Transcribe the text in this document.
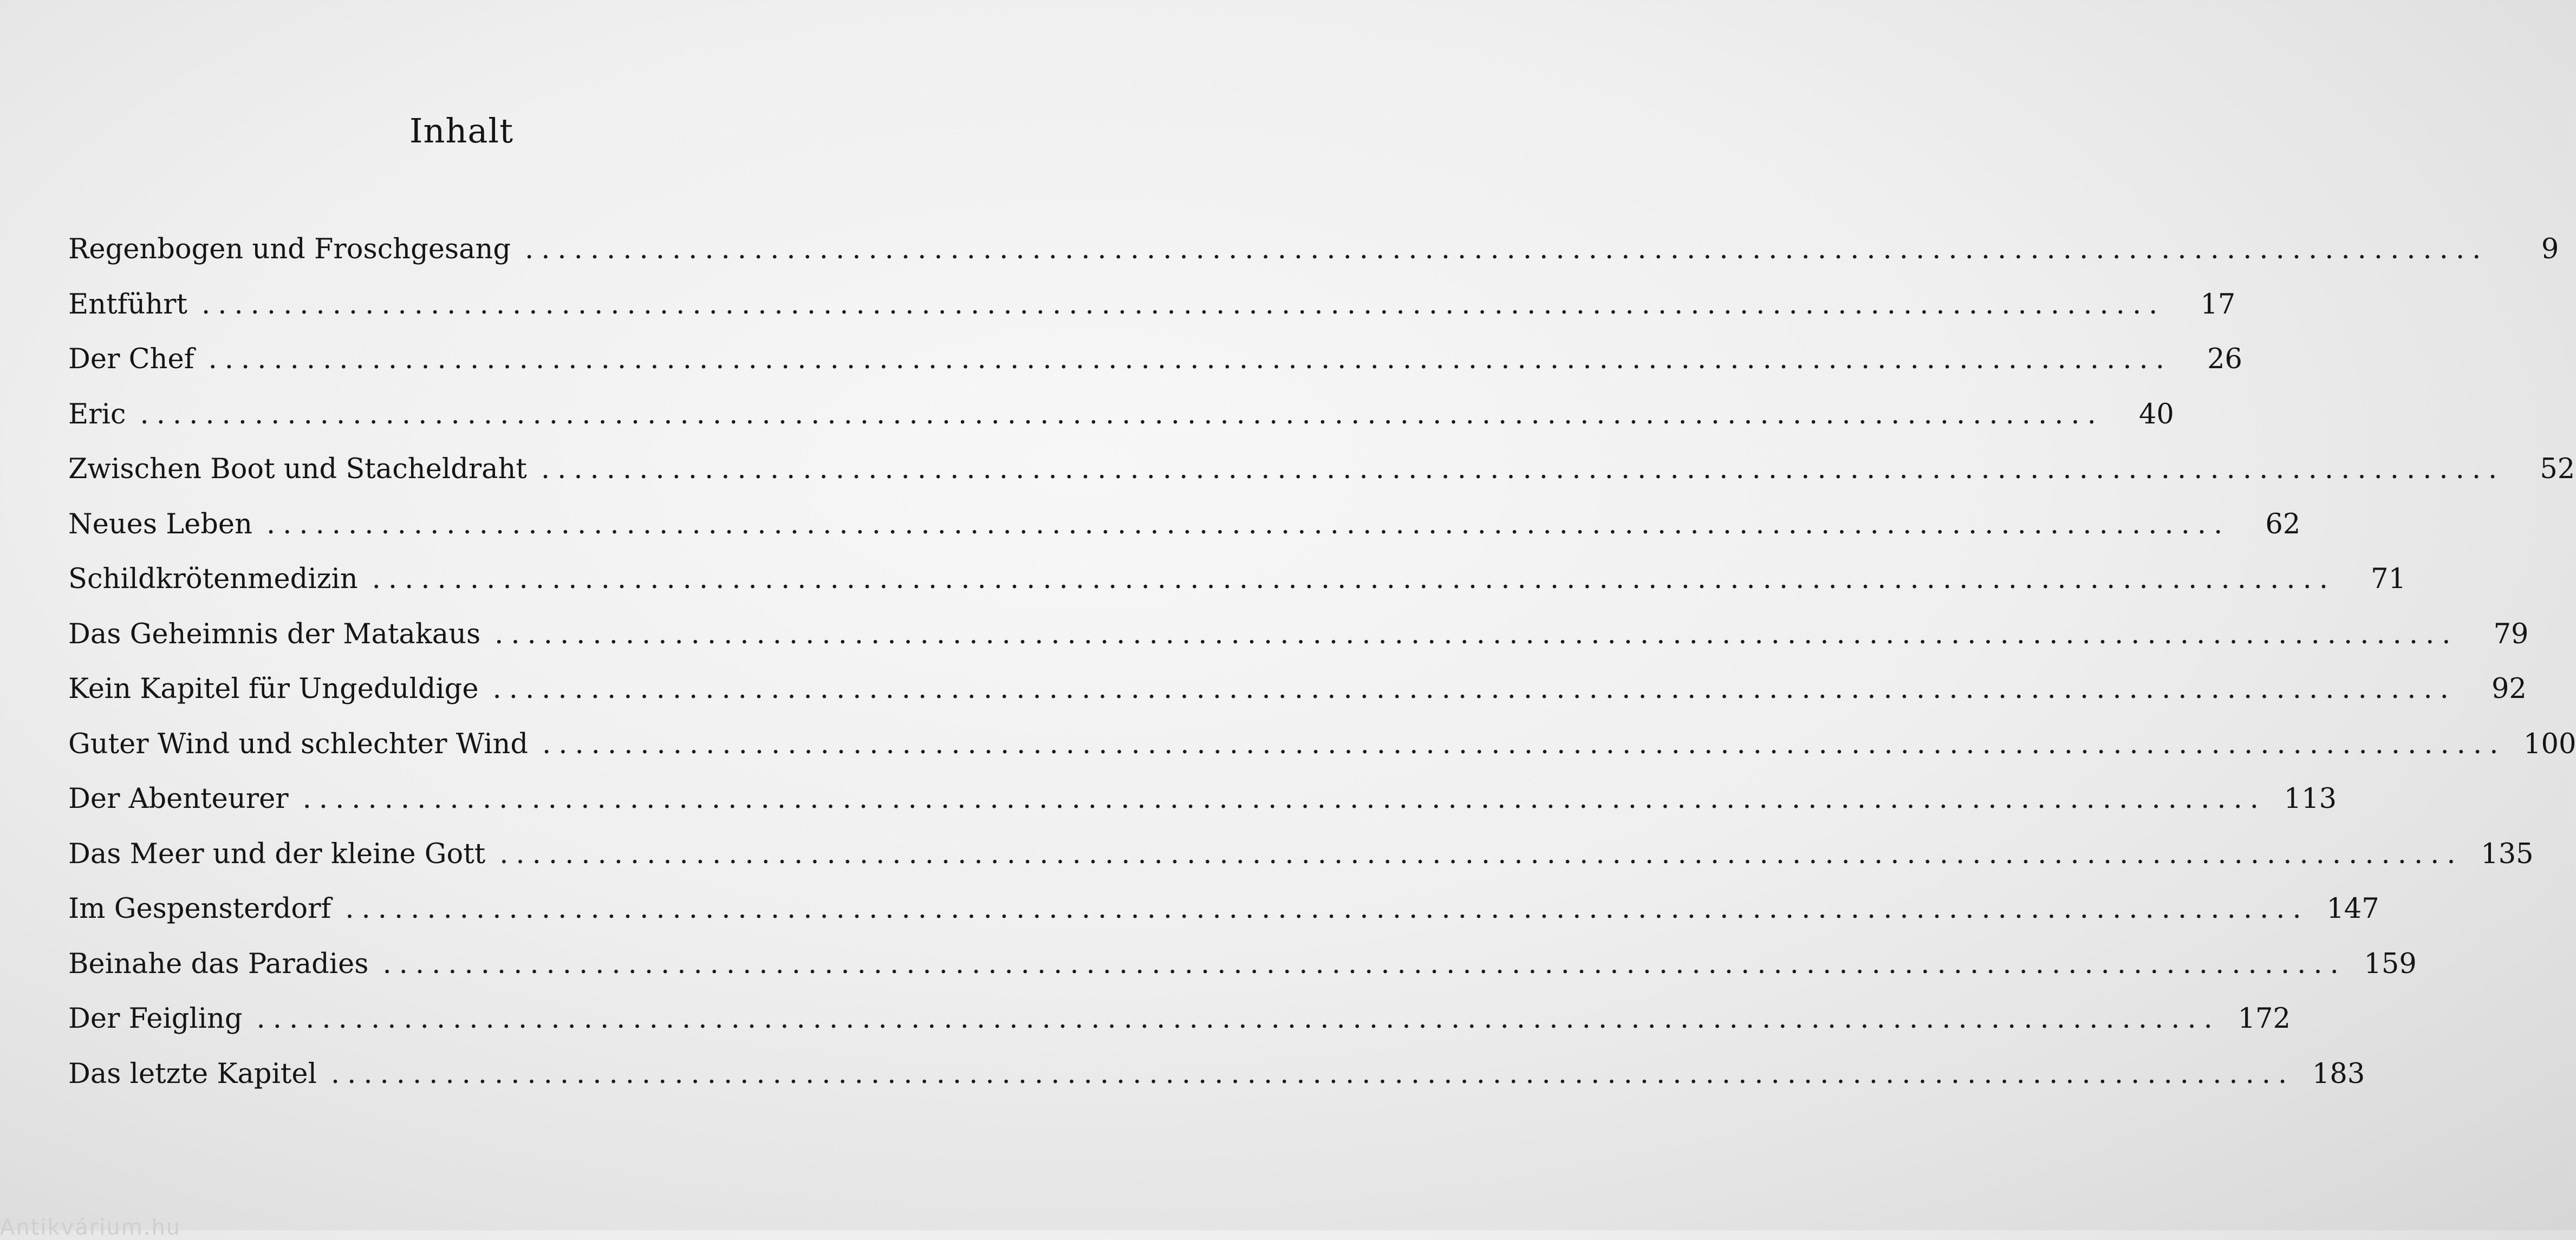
Inhalt
Regenbogen und Froschgesang ........................................................................................................................	9
Entführt ........................................................................................................................	17
Der Chef ........................................................................................................................	26
Eric ........................................................................................................................	40
Zwischen Boot und Stacheldraht ........................................................................................................................	52
Neues Leben ........................................................................................................................	62
Schildkrötenmedizin ........................................................................................................................	71
Das Geheimnis der Matakaus ........................................................................................................................	79
Kein Kapitel für Ungeduldige ........................................................................................................................	92
Guter Wind und schlechter Wind ........................................................................................................................ 100
Der Abenteurer ........................................................................................................................ 113
Das Meer und der kleine Gott ........................................................................................................................ 135
Im Gespensterdorf ........................................................................................................................ 147
Beinahe das Paradies ........................................................................................................................ 159
Der Feigling ........................................................................................................................ 172
Das letzte Kapitel ........................................................................................................................ 183
Antikvárium.hu
